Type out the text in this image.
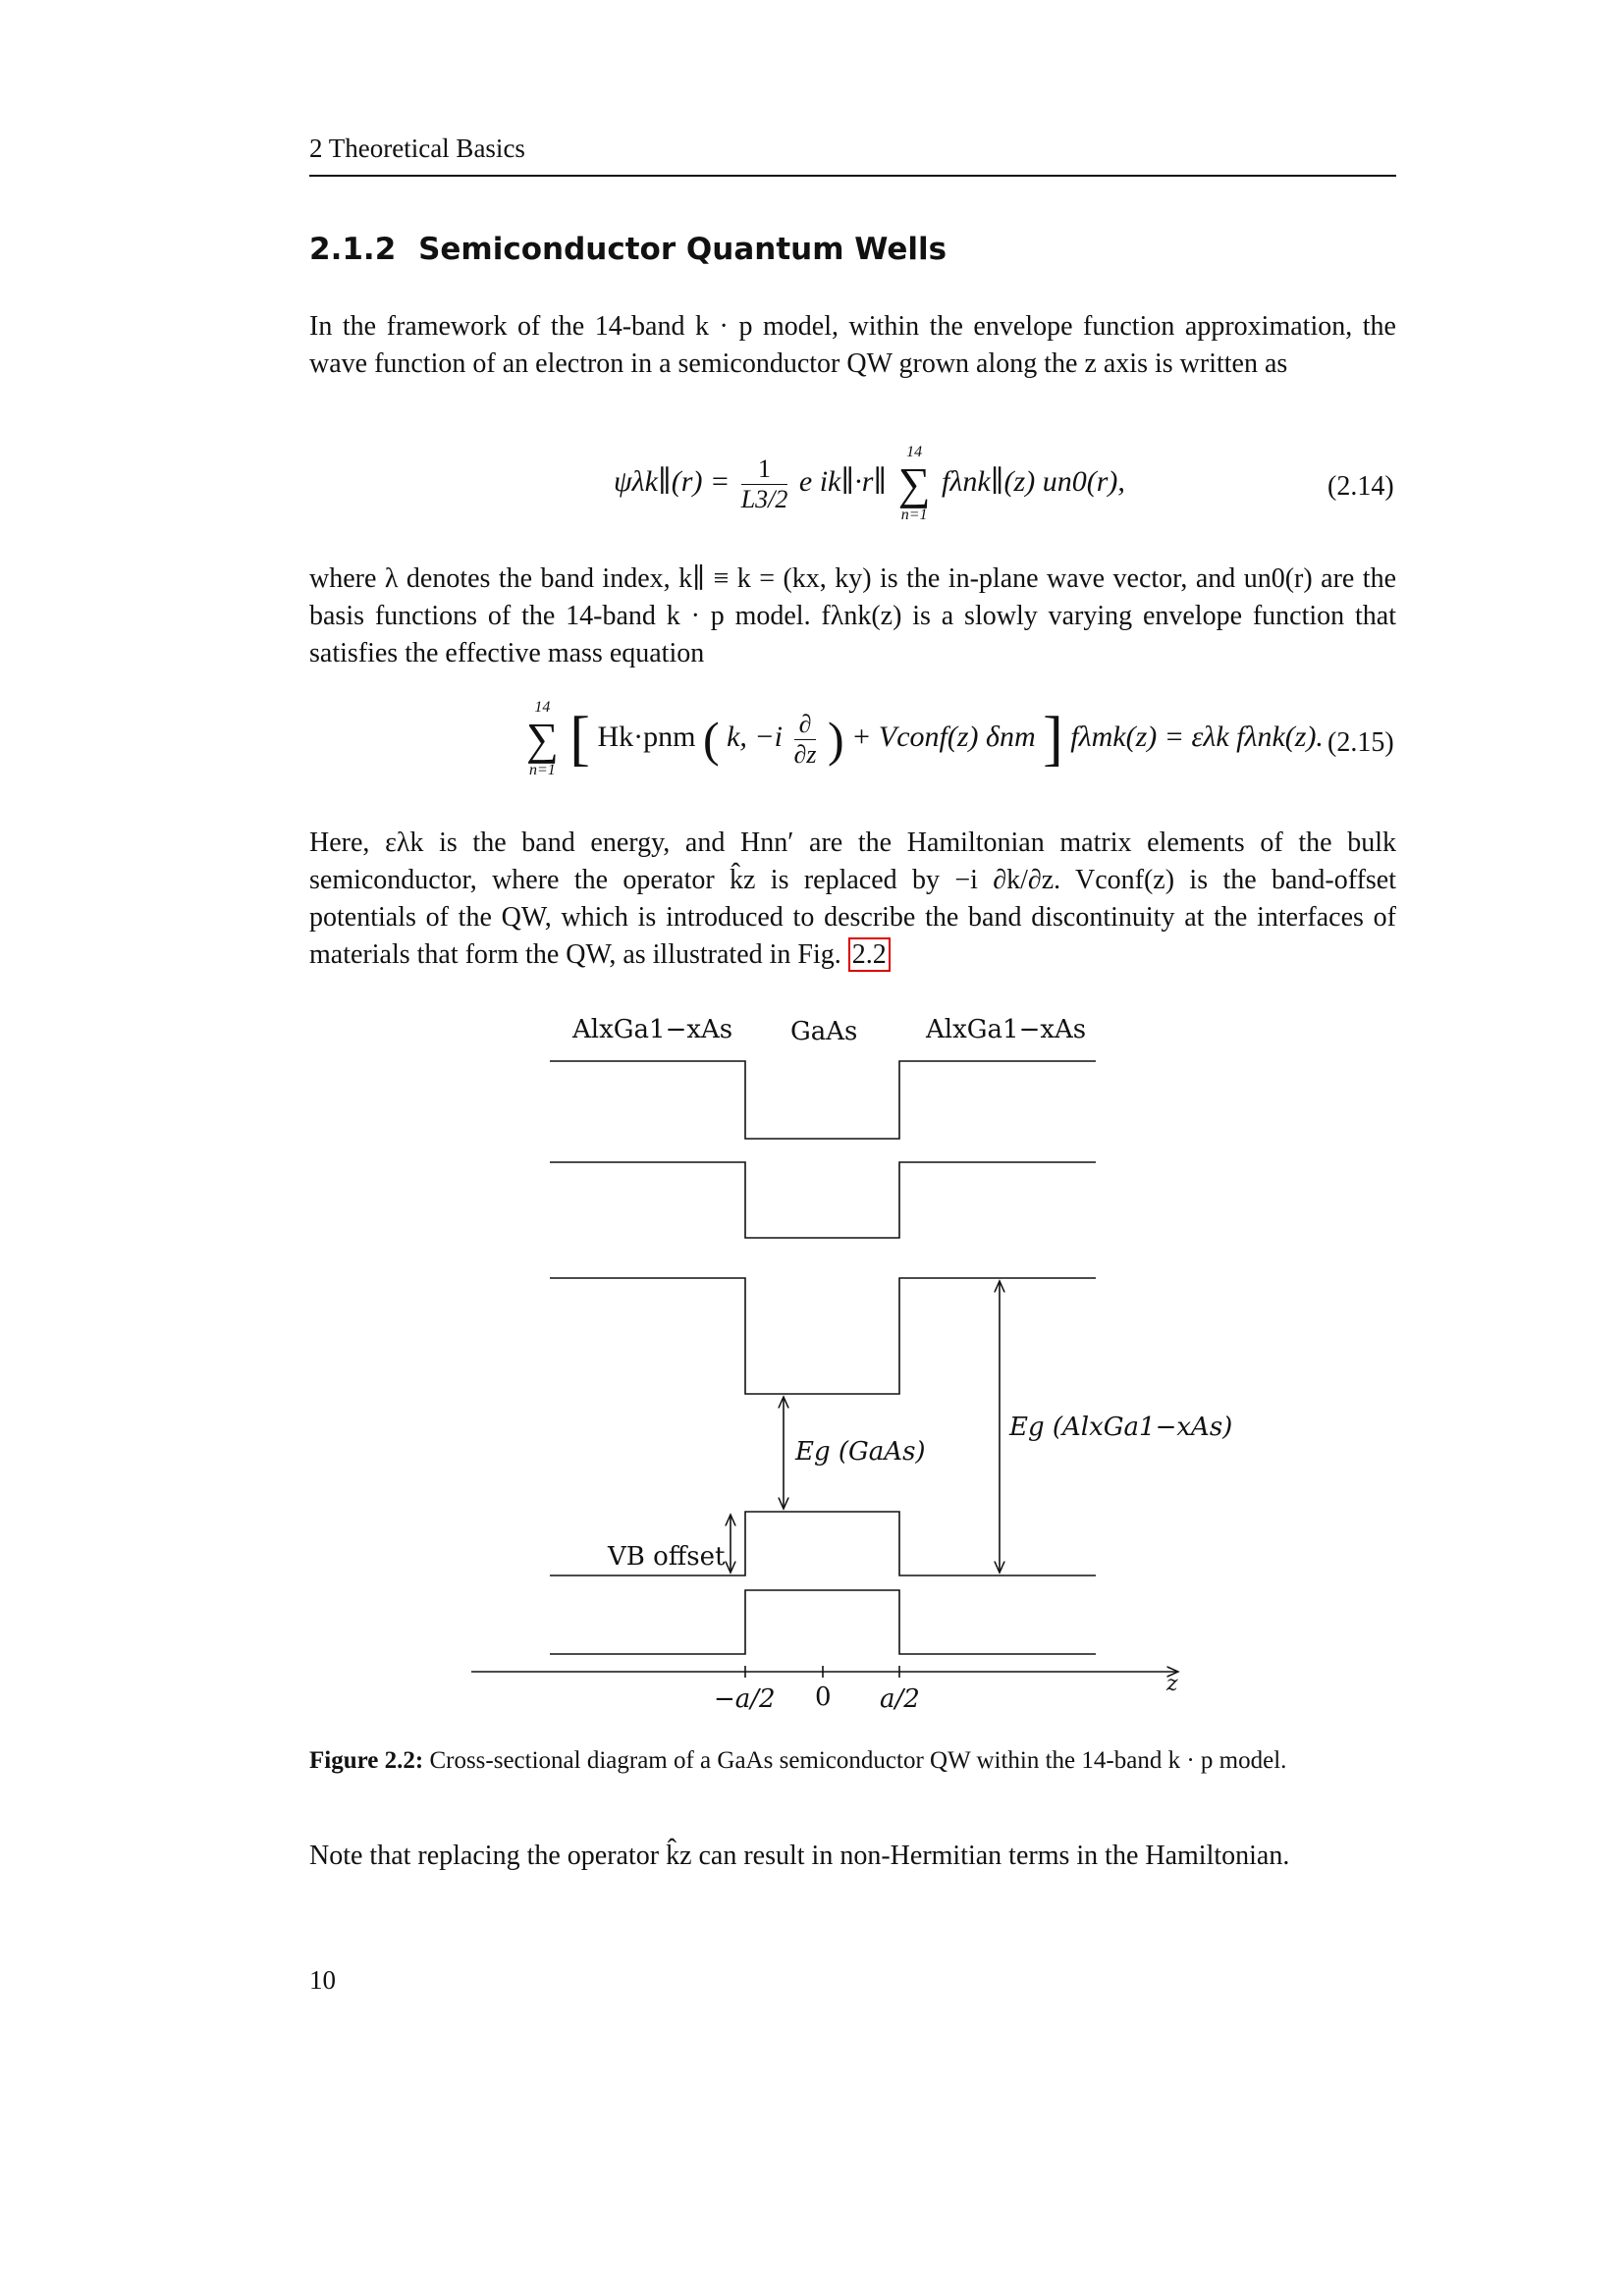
2 Theoretical Basics
2.1.2 Semiconductor Quantum Wells
In the framework of the 14-band k · p model, within the envelope function approximation, the wave function of an electron in a semiconductor QW grown along the z axis is written as
ψλk∥(r) = $\frac{1}{L3/2}$ e ik∥·r∥
14
∑
n=1
fλnk∥(z) un0(r),	(2.14)
where λ denotes the band index, k∥ ≡ k = (kx, ky) is the in-plane wave vector, and un0(r) are the basis functions of the 14-band k · p model. fλnk(z) is a slowly varying envelope function that satisfies the effective mass equation
14
∑
n=1 [ Hk·pnm ( k, $-i \frac{\partial}{\partial z}$ ) + Vconf(z) δnm ] fλmk(z) = ελk fλnk(z). (2.15)
Here, ελk is the band energy, and Hnn′ are the Hamiltonian matrix elements of the bulk semiconductor, where the operator k̂z is replaced by −i ∂k/∂z. Vconf(z) is the band-offset potentials of the QW, which is introduced to describe the band discontinuity at the interfaces of materials that form the QW, as illustrated in Fig. 2.2
AlxGa1−xAs GaAs	AlxGa1−xAs
Eg (GaAs)
Eg (AlxGa1−xAs)
VB offset
−a/2 0 a/2
z
Figure 2.2: Cross-sectional diagram of a GaAs semiconductor QW within the 14-band k · p model.
Note that replacing the operator k̂z can result in non-Hermitian terms in the Hamiltonian.
10
